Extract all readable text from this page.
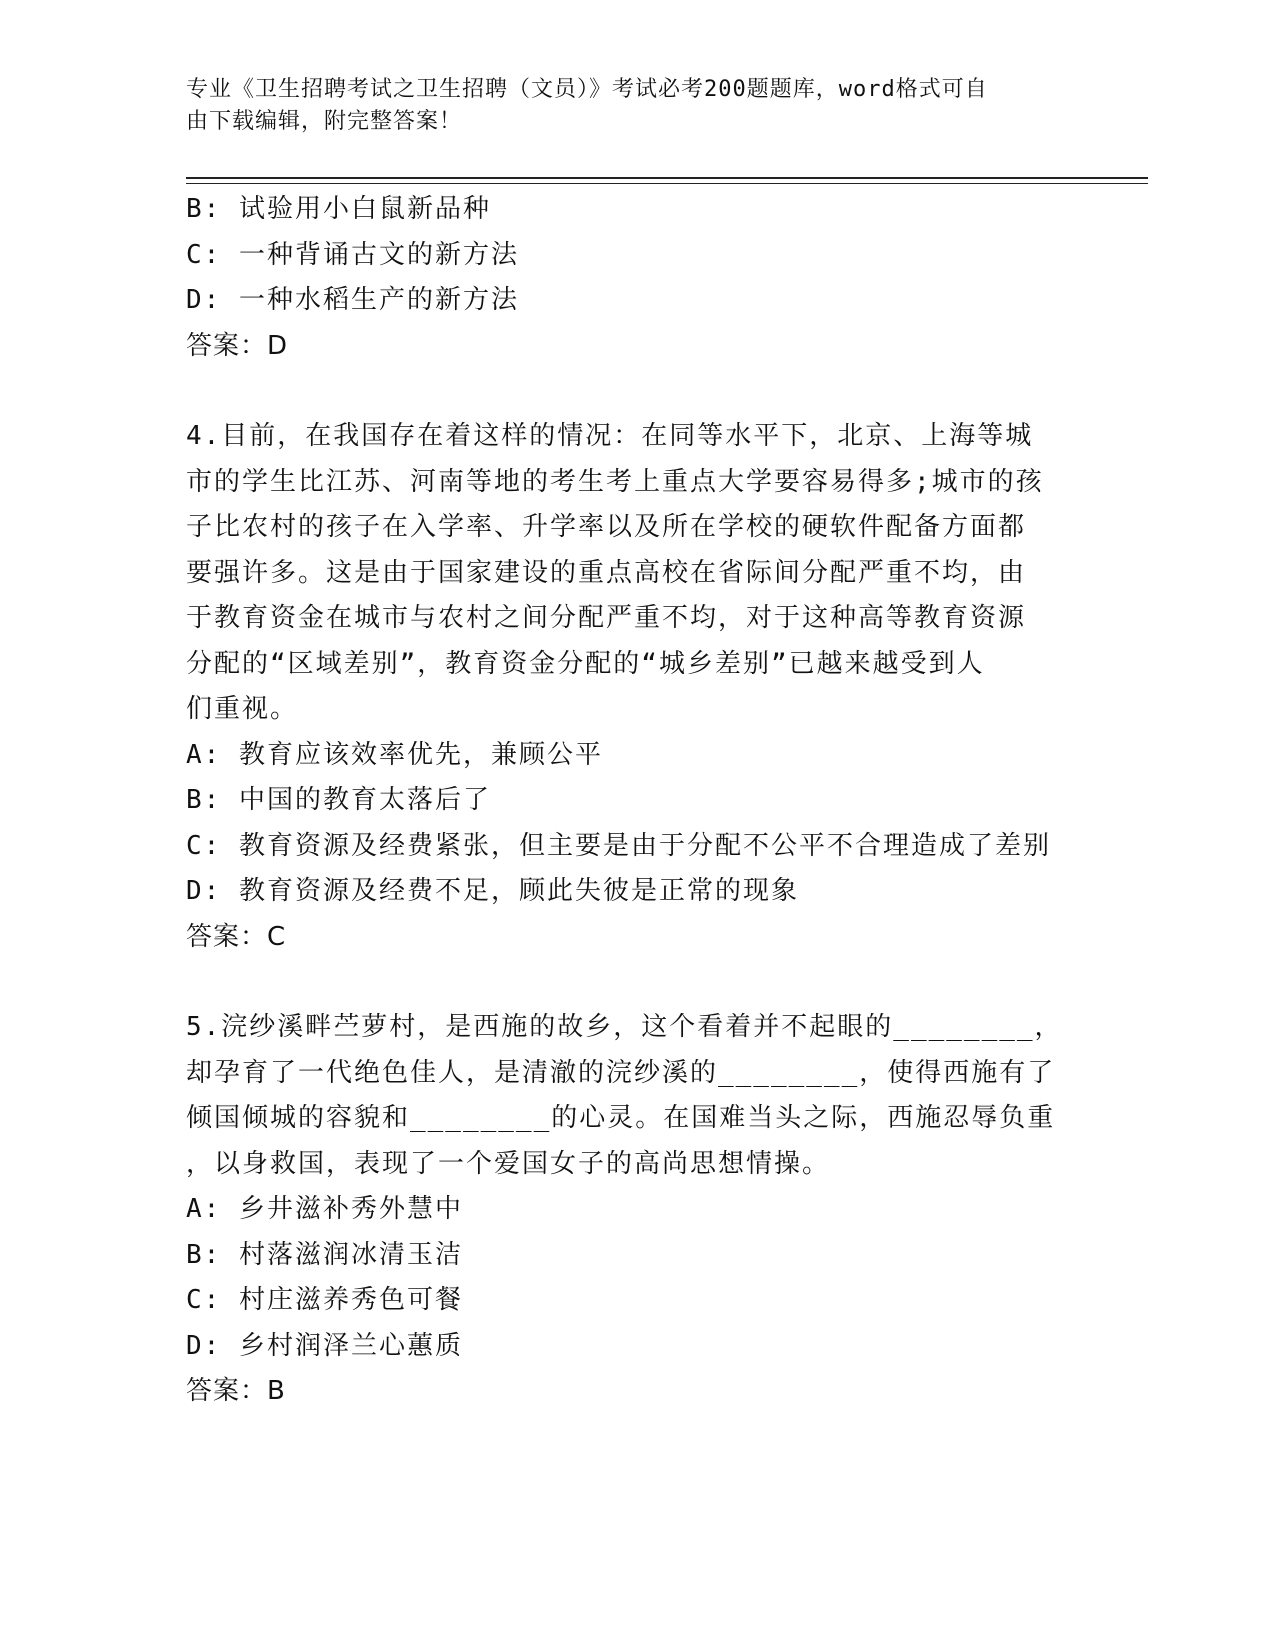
专业《卫生招聘考试之卫生招聘（文员）》考试必考200题题库，word格式可自
由下载编辑，附完整答案！
B: 试验用小白鼠新品种
C: 一种背诵古文的新方法
D: 一种水稻生产的新方法
答案：D
4.目前，在我国存在着这样的情况：在同等水平下，北京、上海等城
市的学生比江苏、河南等地的考生考上重点大学要容易得多;城市的孩
子比农村的孩子在入学率、升学率以及所在学校的硬软件配备方面都
要强许多。这是由于国家建设的重点高校在省际间分配严重不均，由
于教育资金在城市与农村之间分配严重不均，对于这种高等教育资源
分配的“区域差别”，教育资金分配的“城乡差别”已越来越受到人
们重视。
A: 教育应该效率优先，兼顾公平
B: 中国的教育太落后了
C: 教育资源及经费紧张，但主要是由于分配不公平不合理造成了差别
D: 教育资源及经费不足，顾此失彼是正常的现象
答案：C
5.浣纱溪畔苎萝村，是西施的故乡，这个看着并不起眼的________，
却孕育了一代绝色佳人，是清澈的浣纱溪的________，使得西施有了
倾国倾城的容貌和________的心灵。在国难当头之际，西施忍辱负重
，以身救国，表现了一个爱国女子的高尚思想情操。
A: 乡井滋补秀外慧中
B: 村落滋润冰清玉洁
C: 村庄滋养秀色可餐
D: 乡村润泽兰心蕙质
答案：B
